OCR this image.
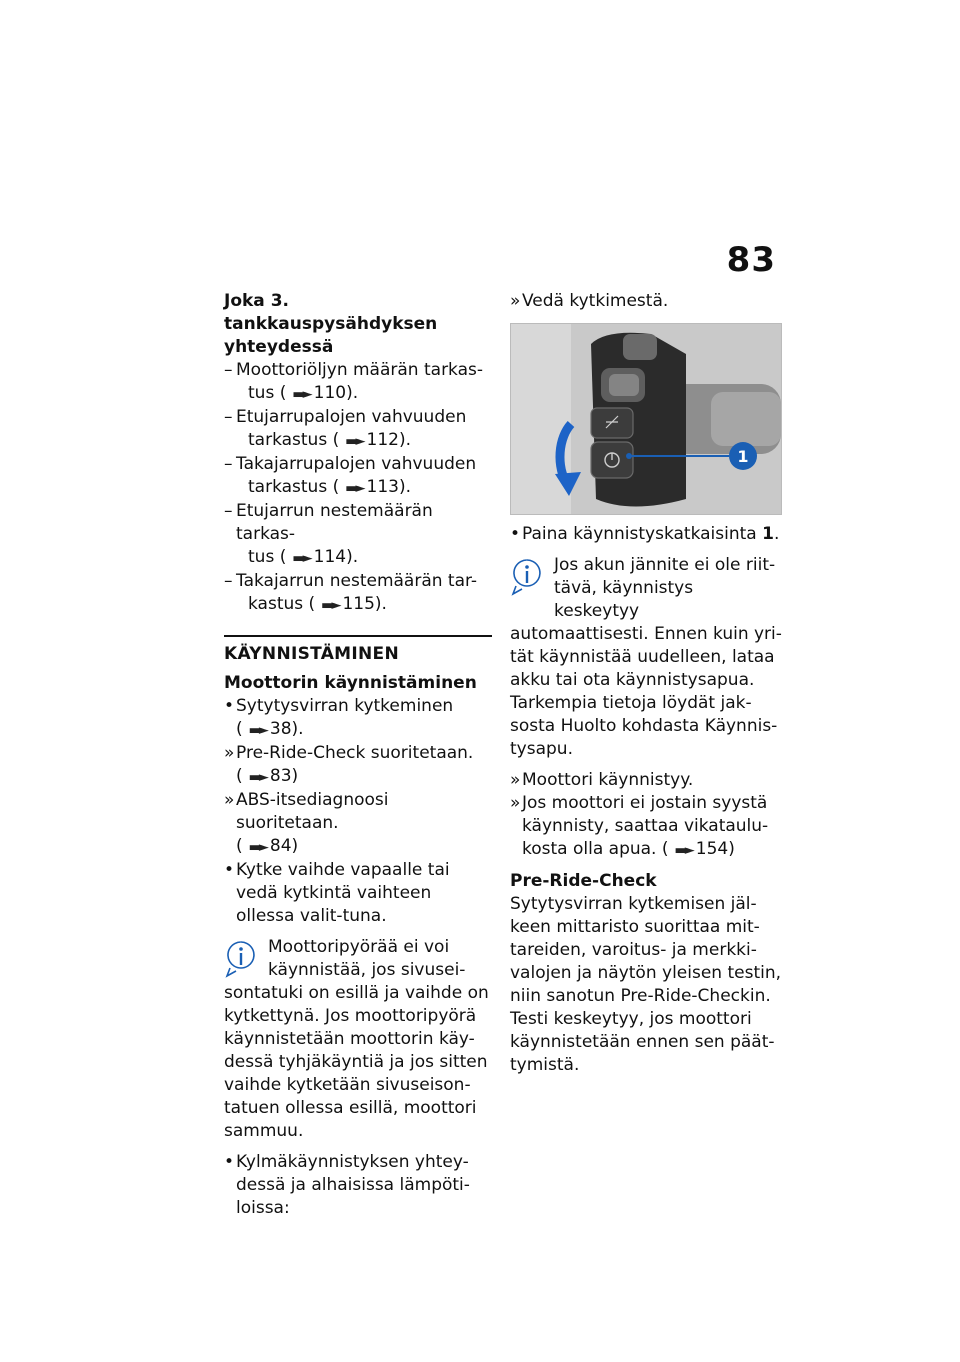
83

Joka 3. tankkauspysähdyksen yhteydessä

– Moottoriöljyn määrän tarkas-
tus ( ▬► 110).
– Etujarrupalojen vahvuuden
tarkastus ( ▬► 112).
– Takajarrupalojen vahvuuden
tarkastus ( ▬► 113).
– Etujarrun nestemäärän tarkas-
tus ( ▬► 114).
– Takajarrun nestemäärän tar-
kastus ( ▬► 115).

KÄYNNISTÄMINEN

Moottorin käynnistäminen

• Sytytysvirran kytkeminen
( ▬► 38).
» Pre-Ride-Check suoritetaan.
( ▬► 83)
» ABS-itsediagnoosi suoritetaan.
( ▬► 84)
• Kytke vaihde vapaalle tai vedä kytkintä vaihteen ollessa valit-tuna.
Moottoripyörää ei voi käynnistää, jos sivusei-
sontatuki on esillä ja vaihde on kytkettynä. Jos moottoripyörä käynnistetään moottorin käy-dessä tyhjäkäyntiä ja jos sitten vaihde kytketään sivuseison-tatuen ollessa esillä, moottori sammuu.
• Kylmäkäynnistyksen yhtey-dessä ja alhaisissa lämpöti-loissa:
» Vedä kytkimestä.
1
• Paina käynnistyskatkaisinta 1.
Jos akun jännite ei ole riit-tävä, käynnistys keskeytyy
automaattisesti. Ennen kuin yri-tät käynnistää uudelleen, lataa akku tai ota käynnistysapua. Tarkempia tietoja löydät jak-sosta Huolto kohdasta Käynnis-tysapu.
» Moottori käynnistyy.
» Jos moottori ei jostain syystä käynnisty, saattaa vikataulu-kosta olla apua. ( ▬► 154)

Pre-Ride-Check

Sytytysvirran kytkemisen jäl-keen mittaristo suorittaa mit-tareiden, varoitus- ja merkki-valojen ja näytön yleisen testin, niin sanotun Pre-Ride-Checkin. Testi keskeytyy, jos moottori käynnistetään ennen sen päät-tymistä.
